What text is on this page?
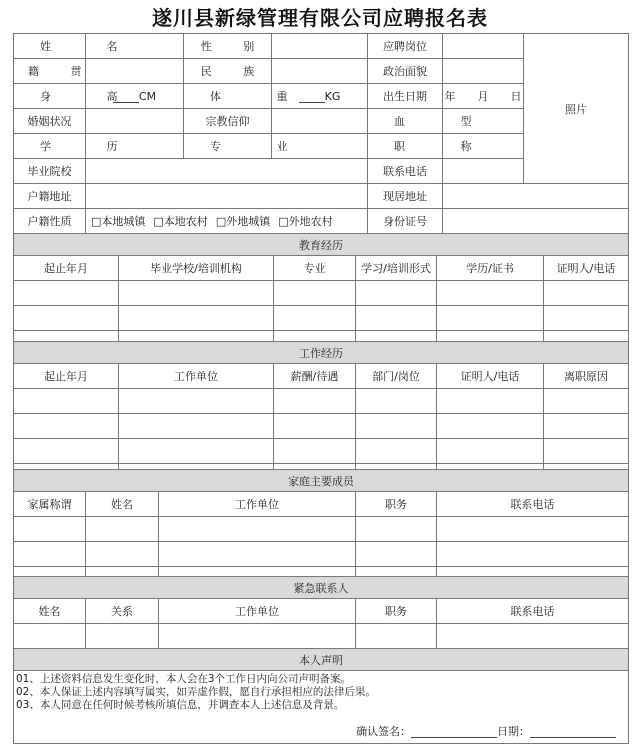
遂川县新绿管理有限公司应聘报名表
姓 名		性 别		应聘岗位		照片
籍 贯		民 族		政治面貌		
身 高	CM	体 重	KG	出生日期	年　　月　　日	
婚姻状况		宗教信仰		血 型		
学 历		专 业		职 称		
毕业院校				联系电话		
户籍地址				现居地址		
户籍性质	□本地城镇 □本地农村 □外地城镇 □外地农村			身份证号		
教育经历					
起止年月	毕业学校/培训机构	专业	学习/培训形式	学历/证书	证明人/电话

工作经历					
起止年月	工作单位	薪酬/待遇	部门/岗位	证明人/电话	离职原因

家庭主要成员				
家属称谓	姓名	工作单位	职务	联系电话

紧急联系人				
姓名	关系	工作单位	职务	联系电话

本人声明				

01、上述资料信息发生变化时，本人会在3个工作日内向公司声明备案。
02、本人保证上述内容填写属实，如弄虚作假，愿自行承担相应的法律后果。
03、本人同意在任何时候考核所填信息，并调查本人上述信息及背景。
确认签名： 日期：				
